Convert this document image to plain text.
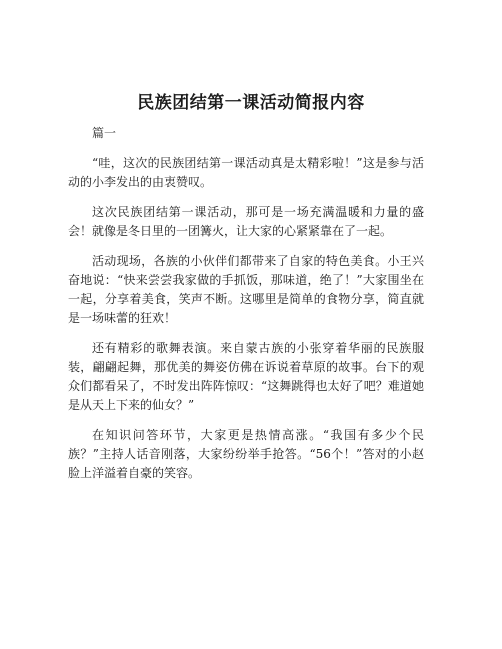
民族团结第一课活动简报内容

篇一

“哇，这次的民族团结第一课活动真是太精彩啦！”这是参与活动的小李发出的由衷赞叹。

这次民族团结第一课活动，那可是一场充满温暖和力量的盛会！就像是冬日里的一团篝火，让大家的心紧紧靠在了一起。

活动现场，各族的小伙伴们都带来了自家的特色美食。小王兴奋地说：“快来尝尝我家做的手抓饭，那味道，绝了！”大家围坐在一起，分享着美食，笑声不断。这哪里是简单的食物分享，简直就是一场味蕾的狂欢！

还有精彩的歌舞表演。来自蒙古族的小张穿着华丽的民族服装，翩翩起舞，那优美的舞姿仿佛在诉说着草原的故事。台下的观众们都看呆了，不时发出阵阵惊叹：“这舞跳得也太好了吧？难道她是从天上下来的仙女？”

在知识问答环节，大家更是热情高涨。“我国有多少个民族？”主持人话音刚落，大家纷纷举手抢答。“56个！”答对的小赵脸上洋溢着自豪的笑容。
